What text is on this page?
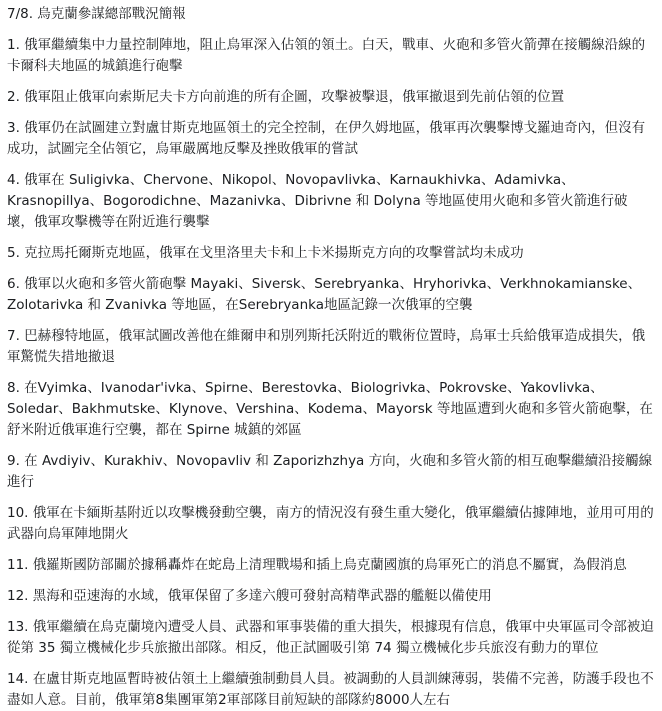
7/8. 烏克蘭參謀總部戰況簡報
1. 俄軍繼續集中力量控制陣地，阻止烏軍深入佔領的領土。白天，戰車、火砲和多管火箭彈在接觸線沿線的卡爾科夫地區的城鎮進行砲擊
2. 俄軍阻止俄軍向索斯尼夫卡方向前進的所有企圖，攻擊被擊退，俄軍撤退到先前佔領的位置
3. 俄軍仍在試圖建立對盧甘斯克地區領土的完全控制，在伊久姆地區，俄軍再次襲擊博戈羅迪奇內，但沒有成功，試圖完全佔領它，烏軍嚴厲地反擊及挫敗俄軍的嘗試
4. 俄軍在 Suligivka、Chervone、Nikopol、Novopavlivka、Karnaukhivka、Adamivka、Krasnopillya、Bogorodichne、Mazanivka、Dibrivne 和 Dolyna 等地區使用火砲和多管火箭進行破壞，俄軍攻擊機等在附近進行襲擊
5. 克拉馬托爾斯克地區，俄軍在戈里洛里夫卡和上卡米揚斯克方向的攻擊嘗試均未成功
6. 俄軍以火砲和多管火箭砲擊 Mayaki、Siversk、Serebryanka、Hryhorivka、Verkhnokamianske、Zolotarivka 和 Zvanivka 等地區，在Serebryanka地區記錄一次俄軍的空襲
7. 巴赫穆特地區，俄軍試圖改善他在維爾申和別列斯托沃附近的戰術位置時，烏軍士兵給俄軍造成損失，俄軍驚慌失措地撤退
8. 在Vyimka、Ivanodar'ivka、Spirne、Berestovka、Biologrivka、Pokrovske、Yakovlivka、Soledar、Bakhmutske、Klynove、Vershina、Kodema、Mayorsk 等地區遭到火砲和多管火箭砲擊，在舒米附近俄軍進行空襲，都在 Spirne 城鎮的郊區
9. 在 Avdiyiv、Kurakhiv、Novopavliv 和 Zaporizhzhya 方向，火砲和多管火箭的相互砲擊繼續沿接觸線進行
10. 俄軍在卡緬斯基附近以攻擊機發動空襲，南方的情況沒有發生重大變化，俄軍繼續佔據陣地，並用可用的武器向烏軍陣地開火
11. 俄羅斯國防部關於據稱轟炸在蛇島上清理戰場和插上烏克蘭國旗的烏軍死亡的消息不屬實，為假消息
12. 黑海和亞速海的水域，俄軍保留了多達六艘可發射高精準武器的艦艇以備使用
13. 俄軍繼續在烏克蘭境內遭受人員、武器和軍事裝備的重大損失，根據現有信息，俄軍中央軍區司令部被迫從第 35 獨立機械化步兵旅撤出部隊。相反，他正試圖吸引第 74 獨立機械化步兵旅沒有動力的單位
14. 在盧甘斯克地區暫時被佔領土上繼續強制動員人員。被調動的人員訓練薄弱，裝備不完善，防護手段也不盡如人意。目前，俄軍第8集團軍第2軍部隊目前短缺的部隊約8000人左右
